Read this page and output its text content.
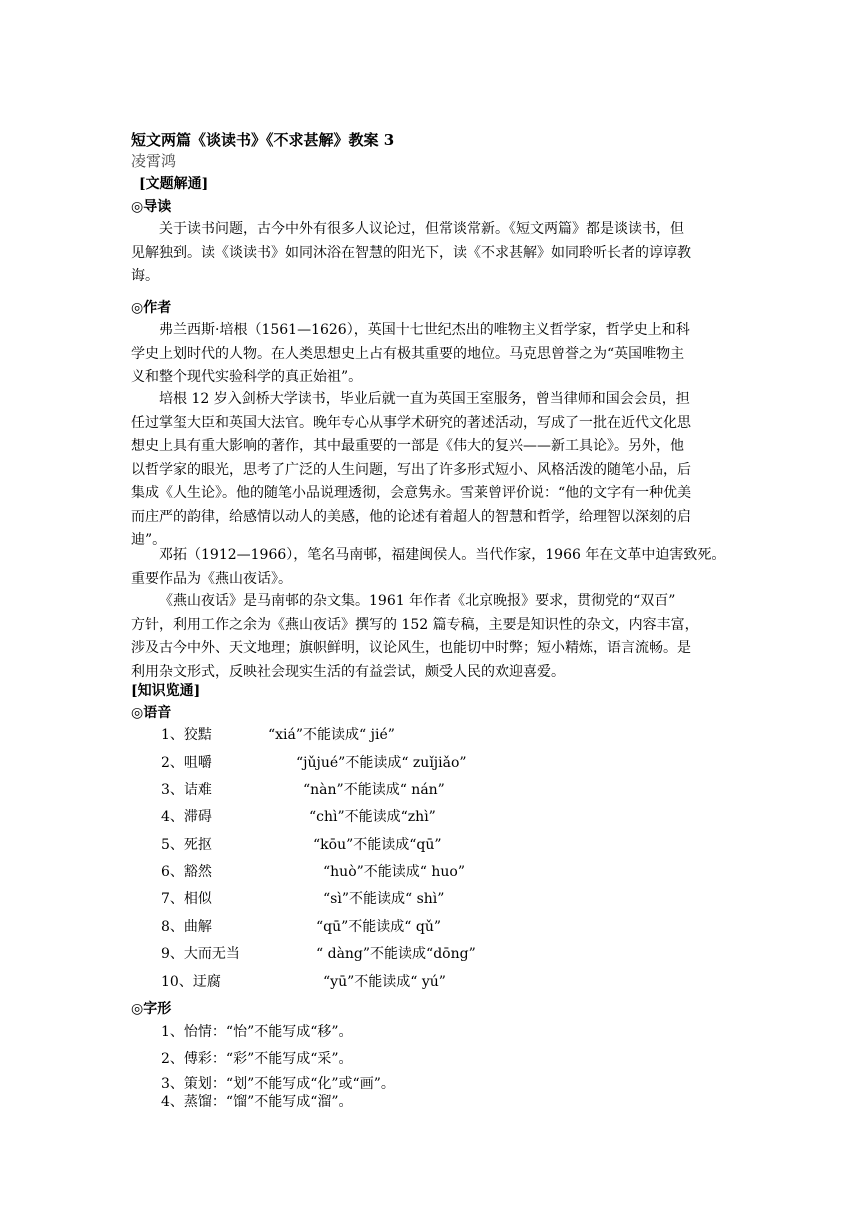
短文两篇《谈读书》《不求甚解》教案 3
凌霄鸿
[文题解通]
◎导读
关于读书问题，古今中外有很多人议论过，但常谈常新。《短文两篇》都是谈读书，但
见解独到。读《谈读书》如同沐浴在智慧的阳光下，读《不求甚解》如同聆听长者的谆谆教
诲。
◎作者
弗兰西斯·培根（1561—1626），英国十七世纪杰出的唯物主义哲学家，哲学史上和科
学史上划时代的人物。在人类思想史上占有极其重要的地位。马克思曾誉之为“英国唯物主
义和整个现代实验科学的真正始祖”。
培根 12 岁入剑桥大学读书，毕业后就一直为英国王室服务，曾当律师和国会会员，担
任过掌玺大臣和英国大法官。晚年专心从事学术研究的著述活动，写成了一批在近代文化思
想史上具有重大影响的著作，其中最重要的一部是《伟大的复兴——新工具论》。另外，他
以哲学家的眼光，思考了广泛的人生问题，写出了许多形式短小、风格活泼的随笔小品，后
集成《人生论》。他的随笔小品说理透彻，会意隽永。雪莱曾评价说：“他的文字有一种优美
而庄严的韵律，给感情以动人的美感，他的论述有着超人的智慧和哲学，给理智以深刻的启
迪”。
邓拓（1912—1966），笔名马南邨，福建闽侯人。当代作家，1966 年在文革中迫害致死。
重要作品为《燕山夜话》。
《燕山夜话》是马南邨的杂文集。1961 年作者《北京晚报》要求，贯彻党的“双百”
方针，利用工作之余为《燕山夜话》撰写的 152 篇专稿，主要是知识性的杂文，内容丰富，
涉及古今中外、天文地理；旗帜鲜明，议论风生，也能切中时弊；短小精炼，语言流畅。是
利用杂文形式，反映社会现实生活的有益尝试，颇受人民的欢迎喜爱。
[知识览通]
◎语音
1、狡黠	“xiá”不能读成“ jié”
2、咀嚼	“jǔjué”不能读成“ zuǐjiǎo”
3、诘难	“nàn”不能读成“ nán”
4、滞碍	“chì”不能读成“zhì”
5、死抠	“kōu”不能读成“qū”
6、豁然	“huò”不能读成“ huo”
7、相似	“sì”不能读成“ shì”
8、曲解	“qū”不能读成“ qǔ”
9、大而无当	“ dàng”不能读成“dōng”
10、迂腐	“yū”不能读成“ yú”
◎字形
1、怡情：“怡”不能写成“移”。
2、傅彩：“彩”不能写成“采”。
3、策划：“划”不能写成“化”或“画”。
4、蒸馏：“馏”不能写成“溜”。
